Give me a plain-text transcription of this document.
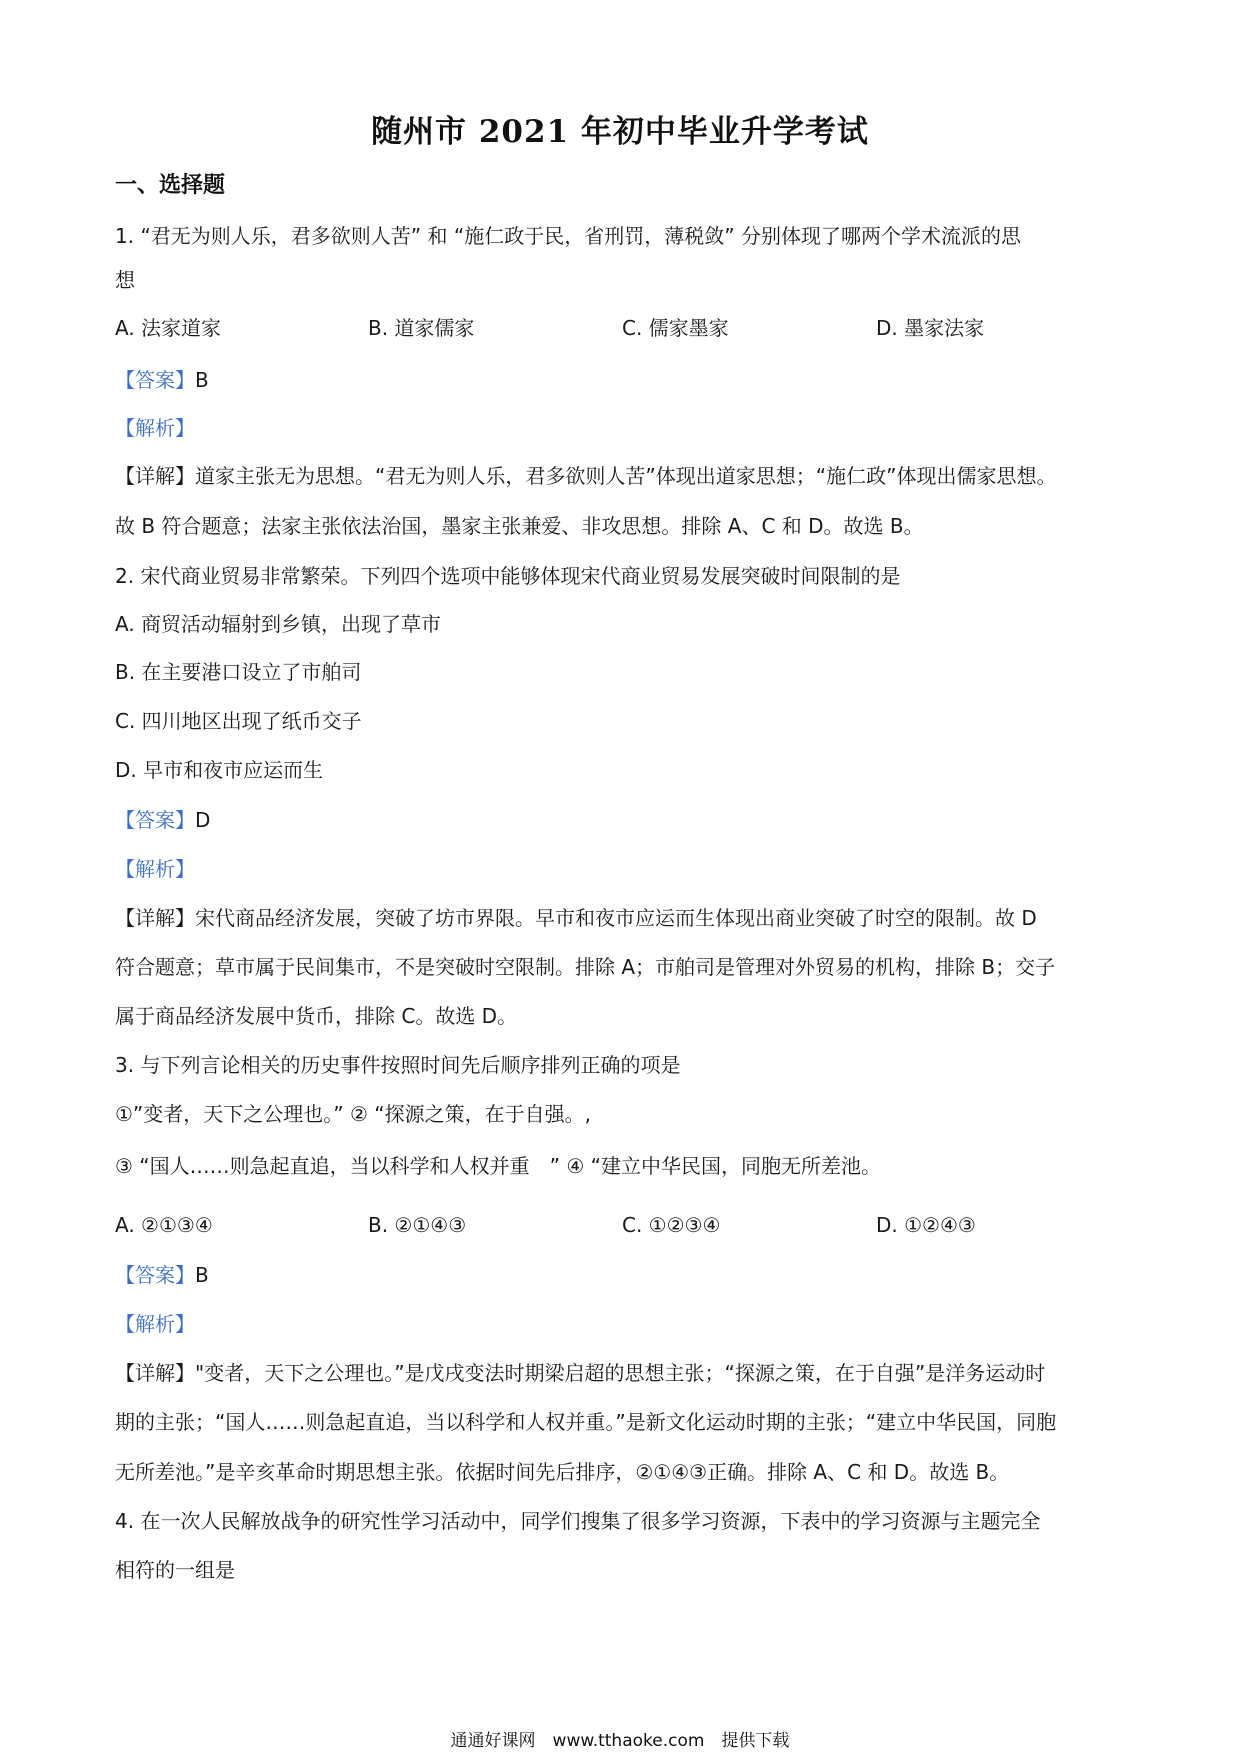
随州市 2021 年初中毕业升学考试
一、选择题
1. “君无为则人乐，君多欲则人苦” 和 “施仁政于民，省刑罚，薄税敛” 分别体现了哪两个学术流派的思
想
A. 法家道家	B. 道家儒家	C. 儒家墨家	D. 墨家法家
【答案】B
【解析】
【详解】道家主张无为思想。“君无为则人乐，君多欲则人苦”体现出道家思想；“施仁政”体现出儒家思想。
故 B 符合题意；法家主张依法治国，墨家主张兼爱、非攻思想。排除 A、C 和 D。故选 B。
2. 宋代商业贸易非常繁荣。下列四个选项中能够体现宋代商业贸易发展突破时间限制的是
A. 商贸活动辐射到乡镇，出现了草市
B. 在主要港口设立了市舶司
C. 四川地区出现了纸币交子
D. 早市和夜市应运而生
【答案】D
【解析】
【详解】宋代商品经济发展，突破了坊市界限。早市和夜市应运而生体现出商业突破了时空的限制。故 D
符合题意；草市属于民间集市，不是突破时空限制。排除 A；市舶司是管理对外贸易的机构，排除 B；交子
属于商品经济发展中货币，排除 C。故选 D。
3. 与下列言论相关的历史事件按照时间先后顺序排列正确的项是
①”变者，天下之公理也。” ② “探源之策，在于自强。,
③ “国人……则急起直追，当以科学和人权并重　” ④ “建立中华民国，同胞无所差池。
A. ②①③④	B. ②①④③	C. ①②③④	D. ①②④③
【答案】B
【解析】
【详解】"变者，天下之公理也。”是戊戌变法时期梁启超的思想主张；“探源之策，在于自强”是洋务运动时
期的主张；“国人……则急起直追，当以科学和人权并重。”是新文化运动时期的主张；“建立中华民国，同胞
无所差池。”是辛亥革命时期思想主张。依据时间先后排序，②①④③正确。排除 A、C 和 D。故选 B。
4. 在一次人民解放战争的研究性学习活动中，同学们搜集了很多学习资源，下表中的学习资源与主题完全
相符的一组是
通通好课网　www.tthaoke.com　提供下载
